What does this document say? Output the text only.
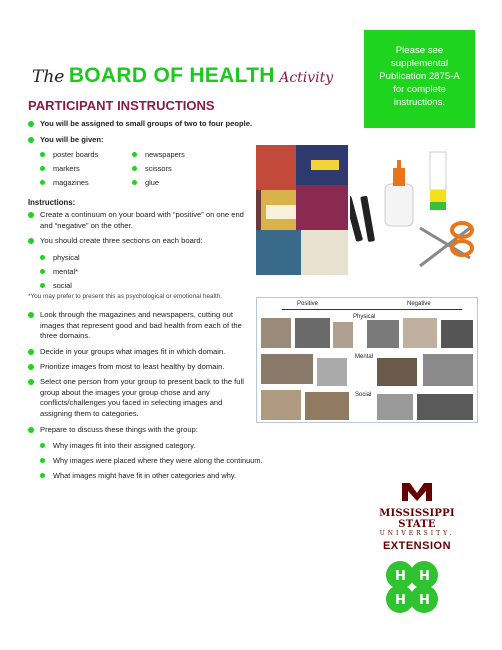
Please see
supplemental
Publication 2875-A
for complete
instructions.
The BOARD OF HEALTH Activity
PARTICIPANT INSTRUCTIONS
You will be assigned to small groups of two to four people.
You will be given:
poster boards
markers
magazines
newspapers
scissors
glue
Instructions:
Create a continuum on your board with “positive” on one end and “negative” on the other.
You should create three sections on each board:
physical
mental*
social
*You may prefer to present this as psychological or emotional health.
Look through the magazines and newspapers, cutting out images that represent good and bad health from each of the three domains.
Decide in your groups what images fit in which domain.
Prioritize images from most to least healthy by domain.
Select one person from your group to present back to the full group about the images your group chose and any conflicts/challenges you faced in selecting images and assigning them to categories.
Prepare to discuss these things with the group:
Why images fit into their assigned category.
Why images were placed where they were along the continuum.
What images might have fit in other categories and why.
Positive	Negative
Physical
Mental
Social
MISSISSIPPI STATE
UNIVERSITY.
EXTENSION
H H
H H
